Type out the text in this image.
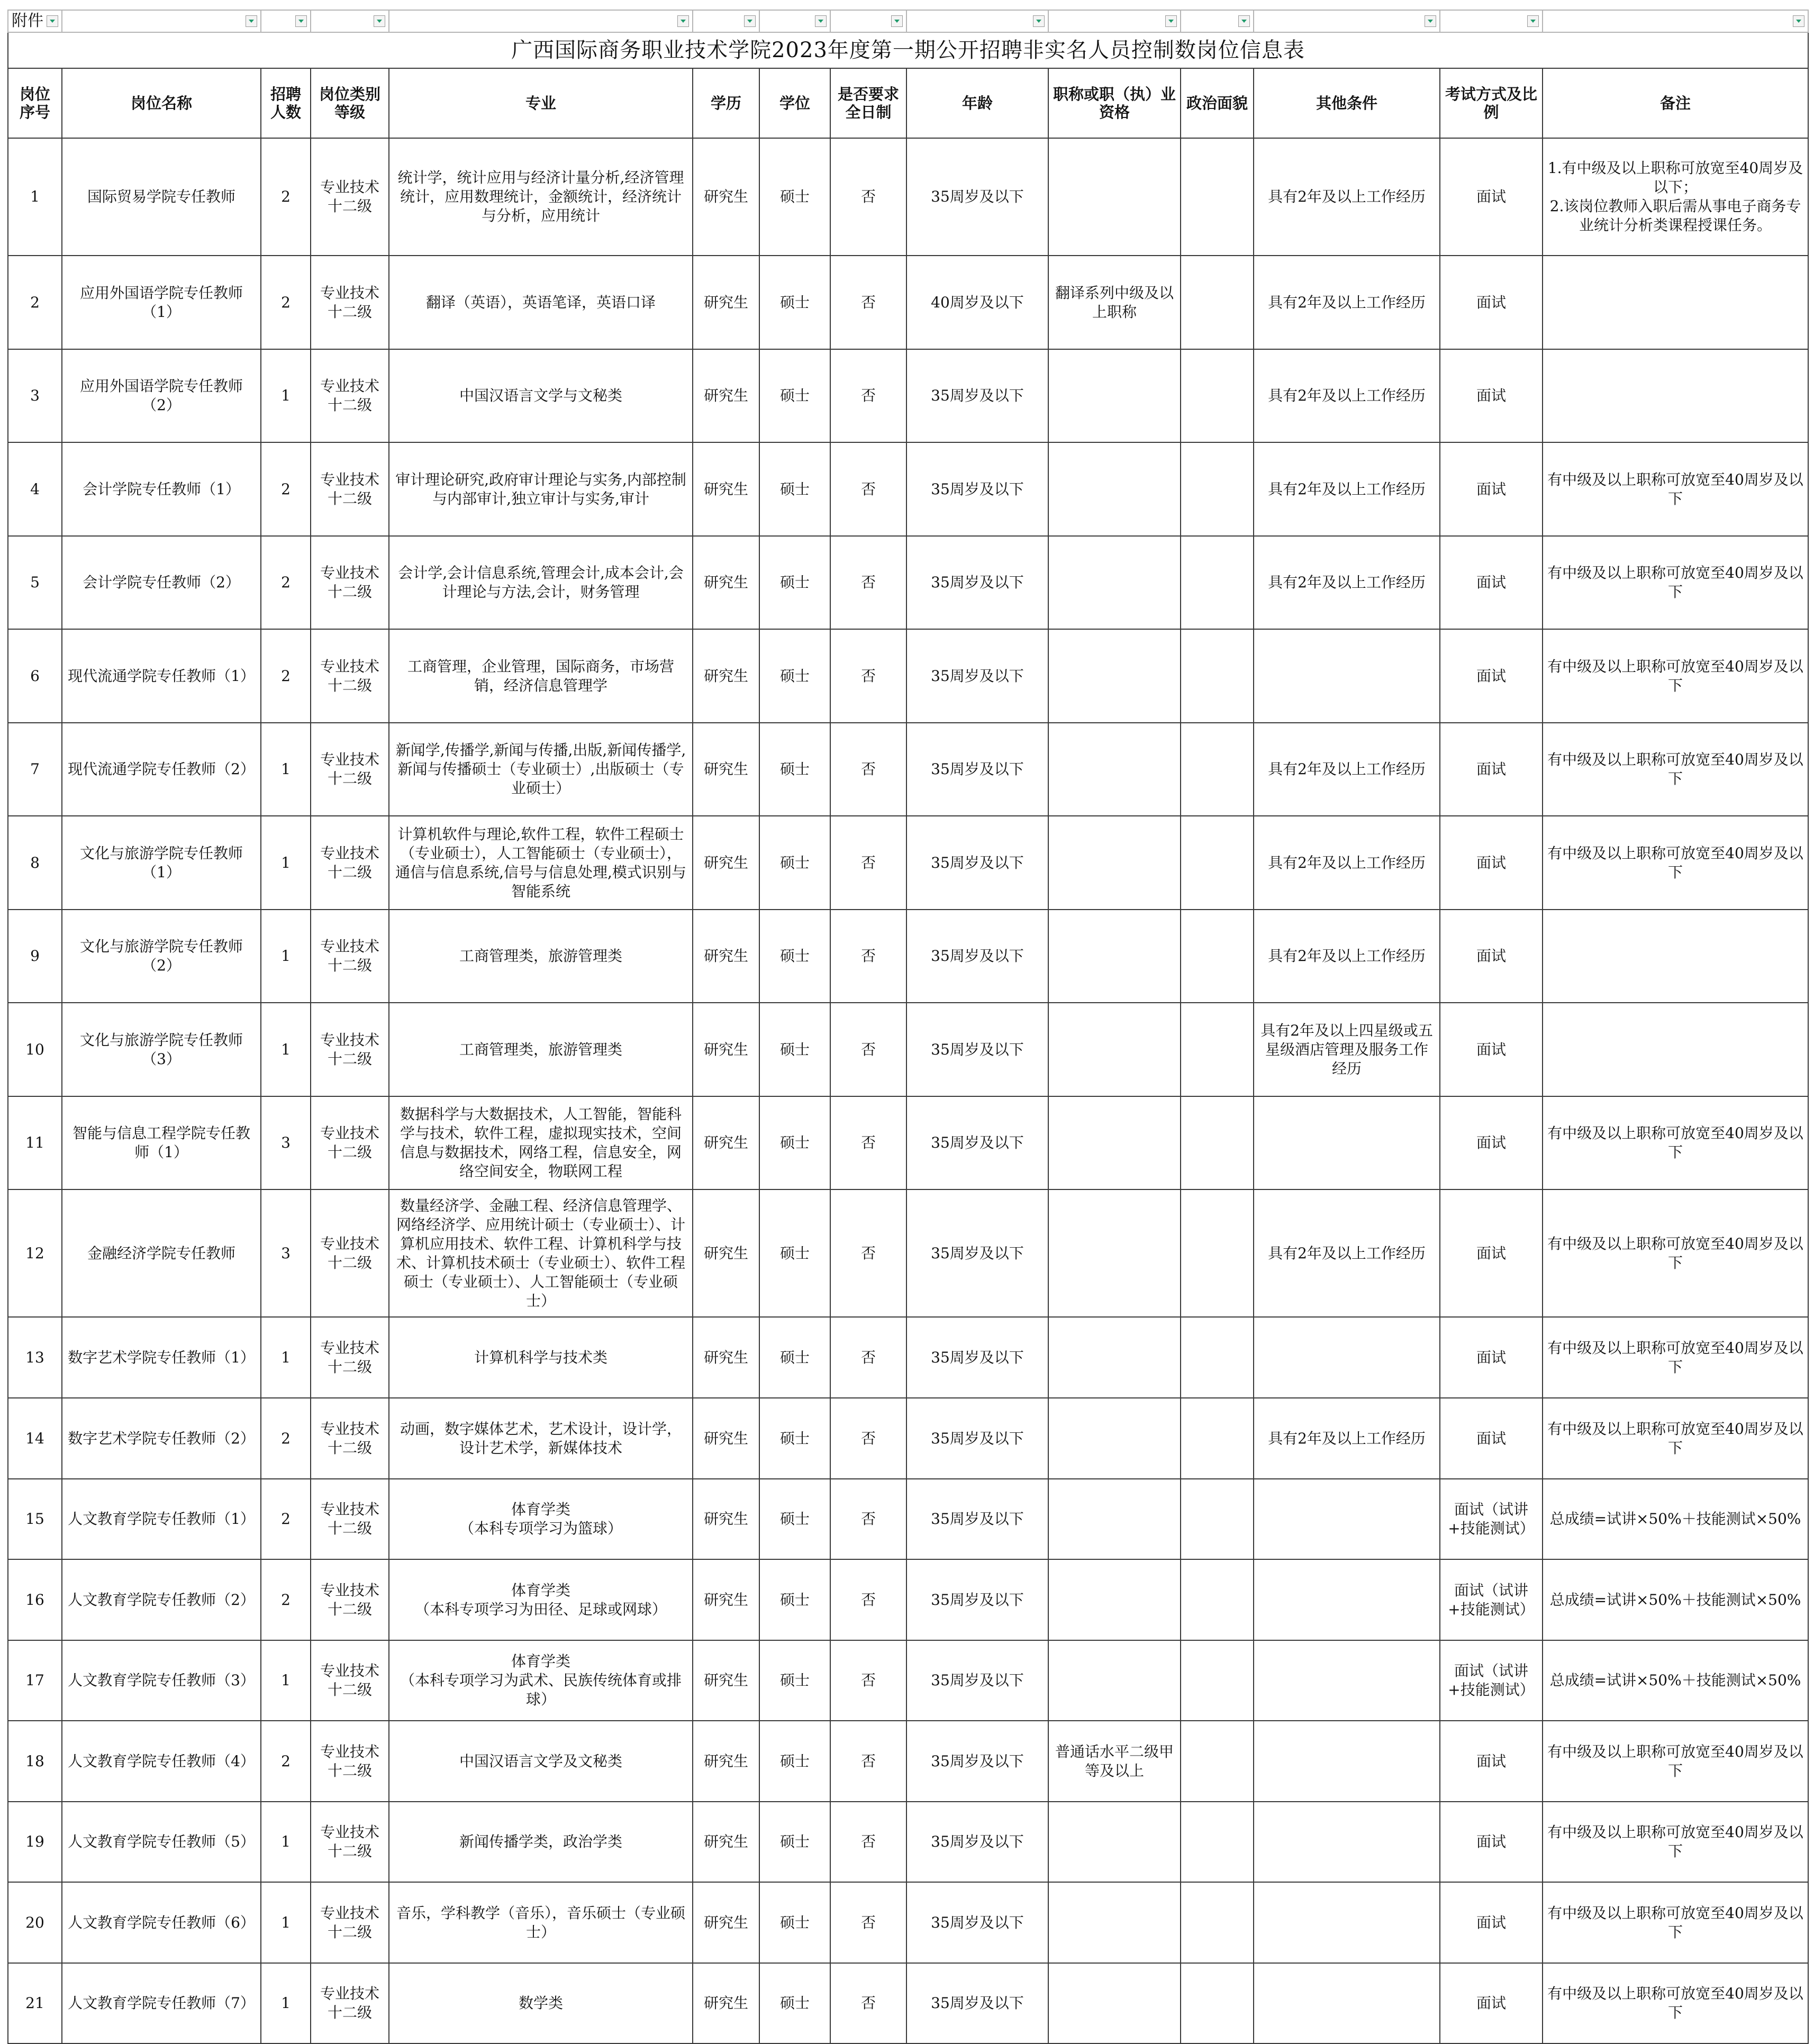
附件

广西国际商务职业技术学院2023年度第一期公开招聘非实名人员控制数岗位信息表													
岗位序号	岗位名称	招聘人数	岗位类别等级	专业	学历	学位	是否要求全日制	年龄	职称或职（执）业资格	政治面貌	其他条件	考试方式及比例	备注
1	国际贸易学院专任教师	2	专业技术十二级	统计学，统计应用与经济计量分析,经济管理统计，应用数理统计，金额统计，经济统计与分析，应用统计	研究生	硕士	否	35周岁及以下			具有2年及以上工作经历	面试	1.有中级及以上职称可放宽至40周岁及以下；
2.该岗位教师入职后需从事电子商务专业统计分析类课程授课任务。
2	应用外国语学院专任教师（1）	2	专业技术十二级	翻译（英语），英语笔译，英语口译	研究生	硕士	否	40周岁及以下	翻译系列中级及以上职称		具有2年及以上工作经历	面试	
3	应用外国语学院专任教师（2）	1	专业技术十二级	中国汉语言文学与文秘类	研究生	硕士	否	35周岁及以下			具有2年及以上工作经历	面试	
4	会计学院专任教师（1）	2	专业技术十二级	审计理论研究,政府审计理论与实务,内部控制与内部审计,独立审计与实务,审计	研究生	硕士	否	35周岁及以下			具有2年及以上工作经历	面试	有中级及以上职称可放宽至40周岁及以下
5	会计学院专任教师（2）	2	专业技术十二级	会计学,会计信息系统,管理会计,成本会计,会计理论与方法,会计，财务管理	研究生	硕士	否	35周岁及以下			具有2年及以上工作经历	面试	有中级及以上职称可放宽至40周岁及以下
6	现代流通学院专任教师（1）	2	专业技术十二级	工商管理，企业管理，国际商务，市场营销，经济信息管理学	研究生	硕士	否	35周岁及以下				面试	有中级及以上职称可放宽至40周岁及以下
7	现代流通学院专任教师（2）	1	专业技术十二级	新闻学,传播学,新闻与传播,出版,新闻传播学,新闻与传播硕士（专业硕士）,出版硕士（专业硕士）	研究生	硕士	否	35周岁及以下			具有2年及以上工作经历	面试	有中级及以上职称可放宽至40周岁及以下
8	文化与旅游学院专任教师（1）	1	专业技术十二级	计算机软件与理论,软件工程，软件工程硕士（专业硕士），人工智能硕士（专业硕士），通信与信息系统,信号与信息处理,模式识别与智能系统	研究生	硕士	否	35周岁及以下			具有2年及以上工作经历	面试	有中级及以上职称可放宽至40周岁及以下
9	文化与旅游学院专任教师（2）	1	专业技术十二级	工商管理类，旅游管理类	研究生	硕士	否	35周岁及以下			具有2年及以上工作经历	面试	
10	文化与旅游学院专任教师（3）	1	专业技术十二级	工商管理类，旅游管理类	研究生	硕士	否	35周岁及以下			具有2年及以上四星级或五星级酒店管理及服务工作经历	面试	
11	智能与信息工程学院专任教师（1）	3	专业技术十二级	数据科学与大数据技术，人工智能，智能科学与技术，软件工程，虚拟现实技术，空间信息与数据技术，网络工程，信息安全，网络空间安全，物联网工程	研究生	硕士	否	35周岁及以下				面试	有中级及以上职称可放宽至40周岁及以下
12	金融经济学院专任教师	3	专业技术十二级	数量经济学、金融工程、经济信息管理学、网络经济学、应用统计硕士（专业硕士）、计算机应用技术、软件工程、计算机科学与技术、计算机技术硕士（专业硕士）、软件工程硕士（专业硕士）、人工智能硕士（专业硕士）	研究生	硕士	否	35周岁及以下			具有2年及以上工作经历	面试	有中级及以上职称可放宽至40周岁及以下
13	数字艺术学院专任教师（1）	1	专业技术十二级	计算机科学与技术类	研究生	硕士	否	35周岁及以下				面试	有中级及以上职称可放宽至40周岁及以下
14	数字艺术学院专任教师（2）	2	专业技术十二级	动画，数字媒体艺术，艺术设计，设计学，设计艺术学，新媒体技术	研究生	硕士	否	35周岁及以下			具有2年及以上工作经历	面试	有中级及以上职称可放宽至40周岁及以下
15	人文教育学院专任教师（1）	2	专业技术十二级	体育学类
（本科专项学习为篮球）	研究生	硕士	否	35周岁及以下				面试（试讲+技能测试）	总成绩=试讲×50%＋技能测试×50%
16	人文教育学院专任教师（2）	2	专业技术十二级	体育学类
（本科专项学习为田径、足球或网球）	研究生	硕士	否	35周岁及以下				面试（试讲+技能测试）	总成绩=试讲×50%＋技能测试×50%
17	人文教育学院专任教师（3）	1	专业技术十二级	体育学类
（本科专项学习为武术、民族传统体育或排球）	研究生	硕士	否	35周岁及以下				面试（试讲+技能测试）	总成绩=试讲×50%＋技能测试×50%
18	人文教育学院专任教师（4）	2	专业技术十二级	中国汉语言文学及文秘类	研究生	硕士	否	35周岁及以下	普通话水平二级甲等及以上			面试	有中级及以上职称可放宽至40周岁及以下
19	人文教育学院专任教师（5）	1	专业技术十二级	新闻传播学类，政治学类	研究生	硕士	否	35周岁及以下				面试	有中级及以上职称可放宽至40周岁及以下
20	人文教育学院专任教师（6）	1	专业技术十二级	音乐，学科教学（音乐），音乐硕士（专业硕士）	研究生	硕士	否	35周岁及以下				面试	有中级及以上职称可放宽至40周岁及以下
21	人文教育学院专任教师（7）	1	专业技术十二级	数学类	研究生	硕士	否	35周岁及以下				面试	有中级及以上职称可放宽至40周岁及以下
